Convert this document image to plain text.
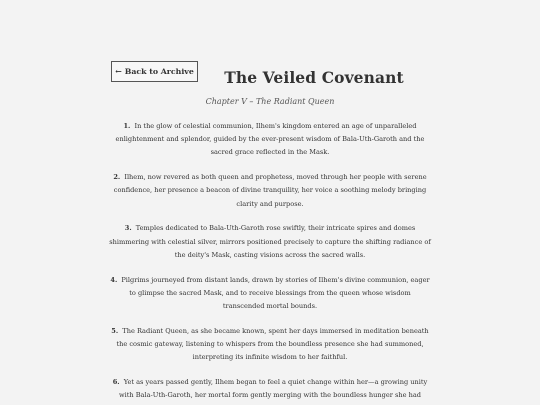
← Back to Archive	The Veiled Covenant
Chapter V – The Radiant Queen

1. In the glow of celestial communion, Ilhem's kingdom entered an age of unparalleled enlightenment and splendor, guided by the ever-present wisdom of Bala-Uth-Garoth and the sacred grace reflected in the Mask.

2. Ilhem, now revered as both queen and prophetess, moved through her people with serene confidence, her presence a beacon of divine tranquility, her voice a soothing melody bringing clarity and purpose.

3. Temples dedicated to Bala-Uth-Garoth rose swiftly, their intricate spires and domes shimmering with celestial silver, mirrors positioned precisely to capture the shifting radiance of the deity's Mask, casting visions across the sacred walls.

4. Pilgrims journeyed from distant lands, drawn by stories of Ilhem's divine communion, eager to glimpse the sacred Mask, and to receive blessings from the queen whose wisdom transcended mortal bounds.

5. The Radiant Queen, as she became known, spent her days immersed in meditation beneath the cosmic gateway, listening to whispers from the boundless presence she had summoned, interpreting its infinite wisdom to her faithful.

6. Yet as years passed gently, Ilhem began to feel a quiet change within her—a growing unity with Bala-Uth-Garoth, her mortal form gently merging with the boundless hunger she had
